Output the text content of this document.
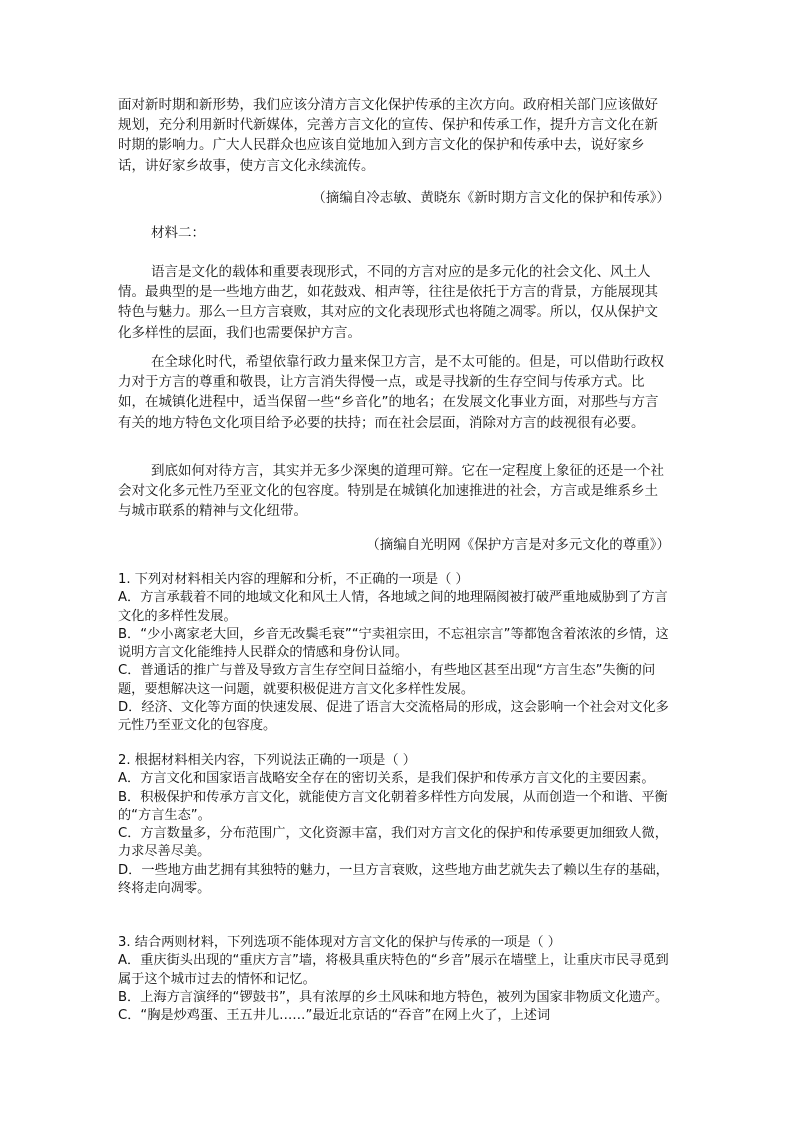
面对新时期和新形势，我们应该分清方言文化保护传承的主次方向。政府相关部门应该做好规划，充分利用新时代新媒体，完善方言文化的宣传、保护和传承工作，提升方言文化在新时期的影响力。广大人民群众也应该自觉地加入到方言文化的保护和传承中去，说好家乡话，讲好家乡故事，使方言文化永续流传。

（摘编自冷志敏、黄晓东《新时期方言文化的保护和传承》）

材料二：

语言是文化的载体和重要表现形式，不同的方言对应的是多元化的社会文化、风土人情。最典型的是一些地方曲艺，如花鼓戏、相声等，往往是依托于方言的背景，方能展现其特色与魅力。那么一旦方言衰败，其对应的文化表现形式也将随之凋零。所以，仅从保护文化多样性的层面，我们也需要保护方言。

在全球化时代，希望依靠行政力量来保卫方言，是不太可能的。但是，可以借助行政权力对于方言的尊重和敬畏，让方言消失得慢一点，或是寻找新的生存空间与传承方式。比如，在城镇化进程中，适当保留一些“乡音化”的地名；在发展文化事业方面，对那些与方言有关的地方特色文化项目给予必要的扶持；而在社会层面，消除对方言的歧视很有必要。

到底如何对待方言，其实并无多少深奥的道理可辩。它在一定程度上象征的还是一个社会对文化多元性乃至亚文化的包容度。特别是在城镇化加速推进的社会，方言或是维系乡土与城市联系的精神与文化纽带。

（摘编自光明网《保护方言是对多元文化的尊重》）

1. 下列对材料相关内容的理解和分析，不正确的一项是（ ）

A．方言承载着不同的地域文化和风土人情，各地域之间的地理隔阂被打破严重地威胁到了方言文化的多样性发展。

B．“少小离家老大回，乡音无改鬓毛衰”“宁卖祖宗田，不忘祖宗言”等都饱含着浓浓的乡情，这说明方言文化能维持人民群众的情感和身份认同。

C．普通话的推广与普及导致方言生存空间日益缩小，有些地区甚至出现“方言生态”失衡的问题，要想解决这一问题，就要积极促进方言文化多样性发展。

D．经济、文化等方面的快速发展、促进了语言大交流格局的形成，这会影响一个社会对文化多元性乃至亚文化的包容度。

2. 根据材料相关内容，下列说法正确的一项是（ ）

A．方言文化和国家语言战略安全存在的密切关系，是我们保护和传承方言文化的主要因素。

B．积极保护和传承方言文化，就能使方言文化朝着多样性方向发展，从而创造一个和谐、平衡的“方言生态”。

C．方言数量多，分布范围广，文化资源丰富，我们对方言文化的保护和传承要更加细致人微，力求尽善尽美。

D．一些地方曲艺拥有其独特的魅力，一旦方言衰败，这些地方曲艺就失去了赖以生存的基础，终将走向凋零。

3. 结合两则材料，下列选项不能体现对方言文化的保护与传承的一项是（ ）

A．重庆街头出现的“重庆方言”墙，将极具重庆特色的“乡音”展示在墙壁上，让重庆市民寻觅到属于这个城市过去的情怀和记忆。

B．上海方言演绎的“锣鼓书”，具有浓厚的乡土风味和地方特色，被列为国家非物质文化遗产。 C．“胸是炒鸡蛋、王五井儿……”最近北京话的“吞音”在网上火了，上述词
